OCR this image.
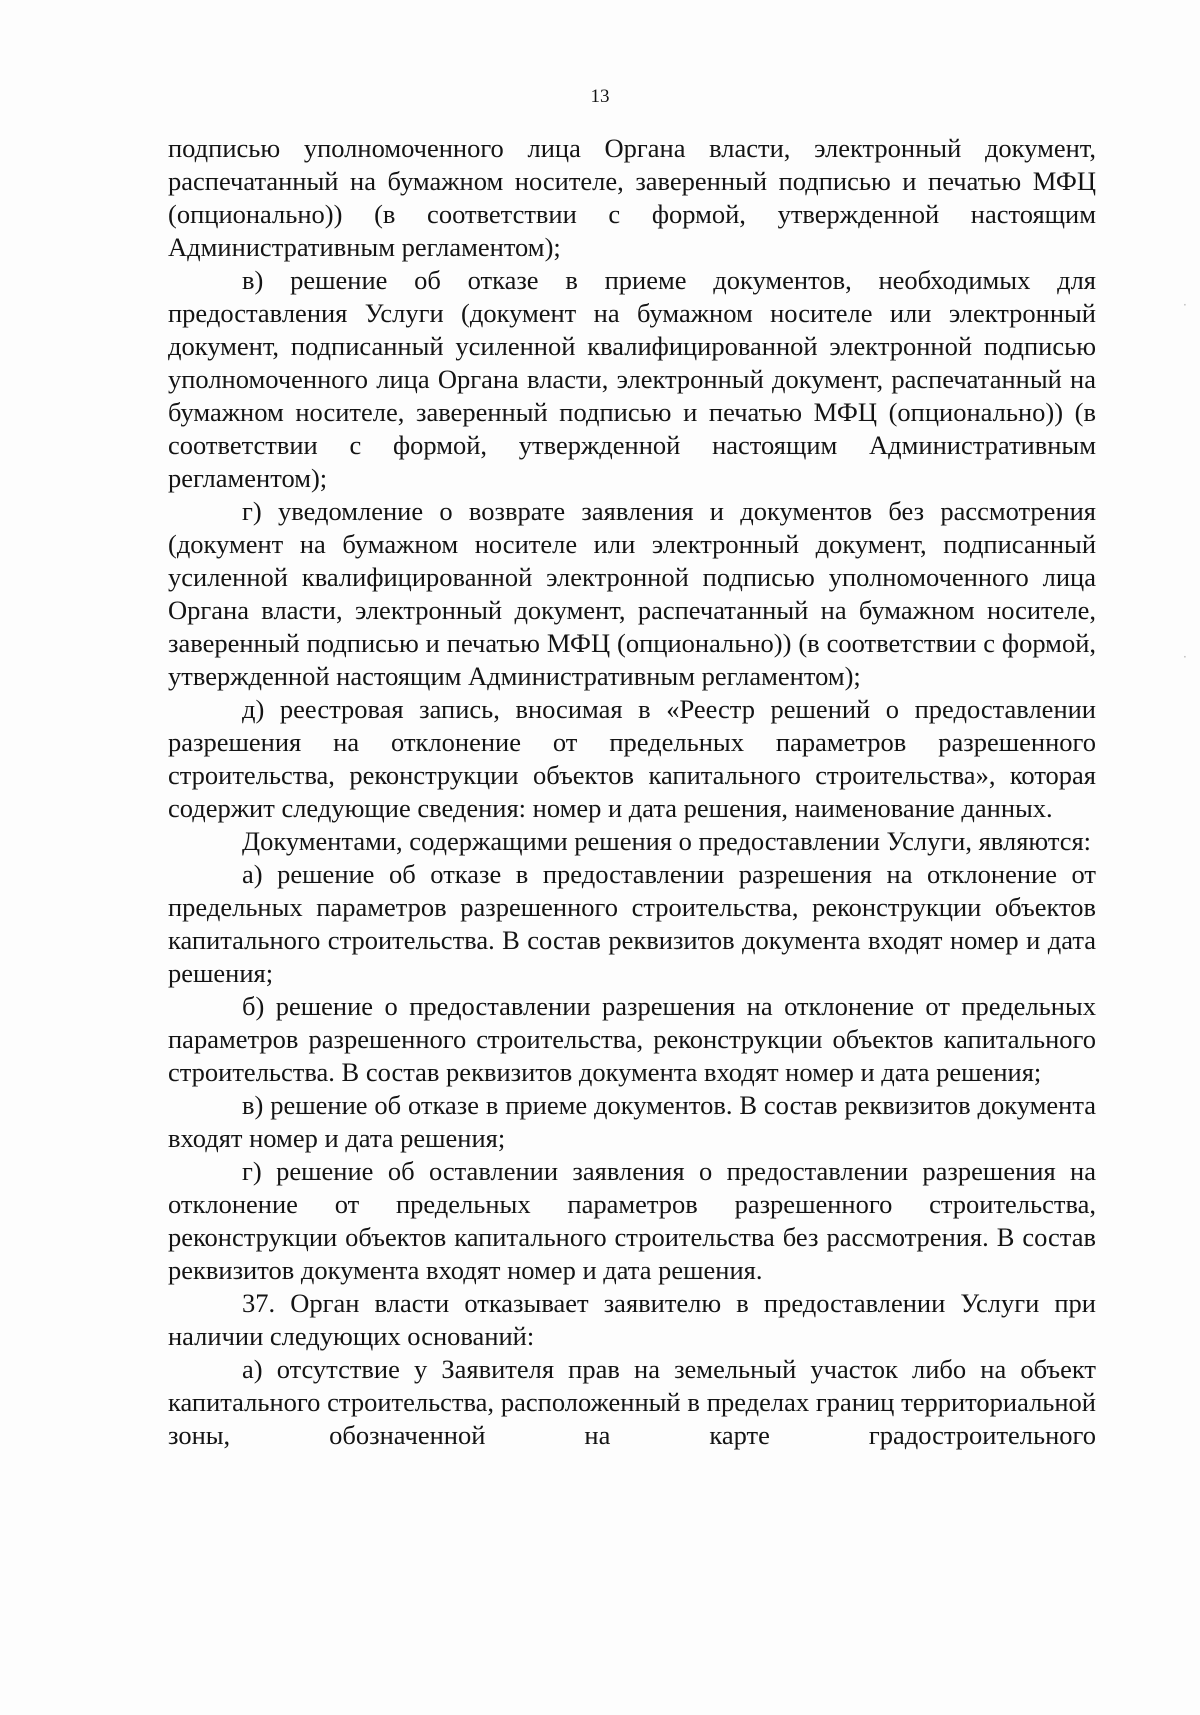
13
·
·

подписью уполномоченного лица Органа власти, электронный документ, распечатанный на бумажном носителе, заверенный подписью и печатью МФЦ (опционально)) (в соответствии с формой, утвержденной настоящим Административным регламентом);

в) решение об отказе в приеме документов, необходимых для предоставления Услуги (документ на бумажном носителе или электронный документ, подписанный усиленной квалифицированной электронной подписью уполномоченного лица Органа власти, электронный документ, распечатанный на бумажном носителе, заверенный подписью и печатью МФЦ (опционально)) (в соответствии с формой, утвержденной настоящим Административным регламентом);

г) уведомление о возврате заявления и документов без рассмотрения (документ на бумажном носителе или электронный документ, подписанный усиленной квалифицированной электронной подписью уполномоченного лица Органа власти, электронный документ, распечатанный на бумажном носителе, заверенный подписью и печатью МФЦ (опционально)) (в соответствии с формой, утвержденной настоящим Административным регламентом);

д) реестровая запись, вносимая в «Реестр решений о предоставлении разрешения на отклонение от предельных параметров разрешенного строительства, реконструкции объектов капитального строительства», которая содержит следующие сведения: номер и дата решения, наименование данных.

Документами, содержащими решения о предоставлении Услуги, являются:

а) решение об отказе в предоставлении разрешения на отклонение от предельных параметров разрешенного строительства, реконструкции объектов капитального строительства. В состав реквизитов документа входят номер и дата решения;

б) решение о предоставлении разрешения на отклонение от предельных параметров разрешенного строительства, реконструкции объектов капитального строительства. В состав реквизитов документа входят номер и дата решения;

в) решение об отказе в приеме документов. В состав реквизитов документа входят номер и дата решения;

г) решение об оставлении заявления о предоставлении разрешения на отклонение от предельных параметров разрешенного строительства, реконструкции объектов капитального строительства без рассмотрения. В состав реквизитов документа входят номер и дата решения.

37. Орган власти отказывает заявителю в предоставлении Услуги при наличии следующих оснований:

а) отсутствие у Заявителя прав на земельный участок либо на объект капитального строительства, расположенный в пределах границ территориальной зоны, обозначенной на карте градостроительного
